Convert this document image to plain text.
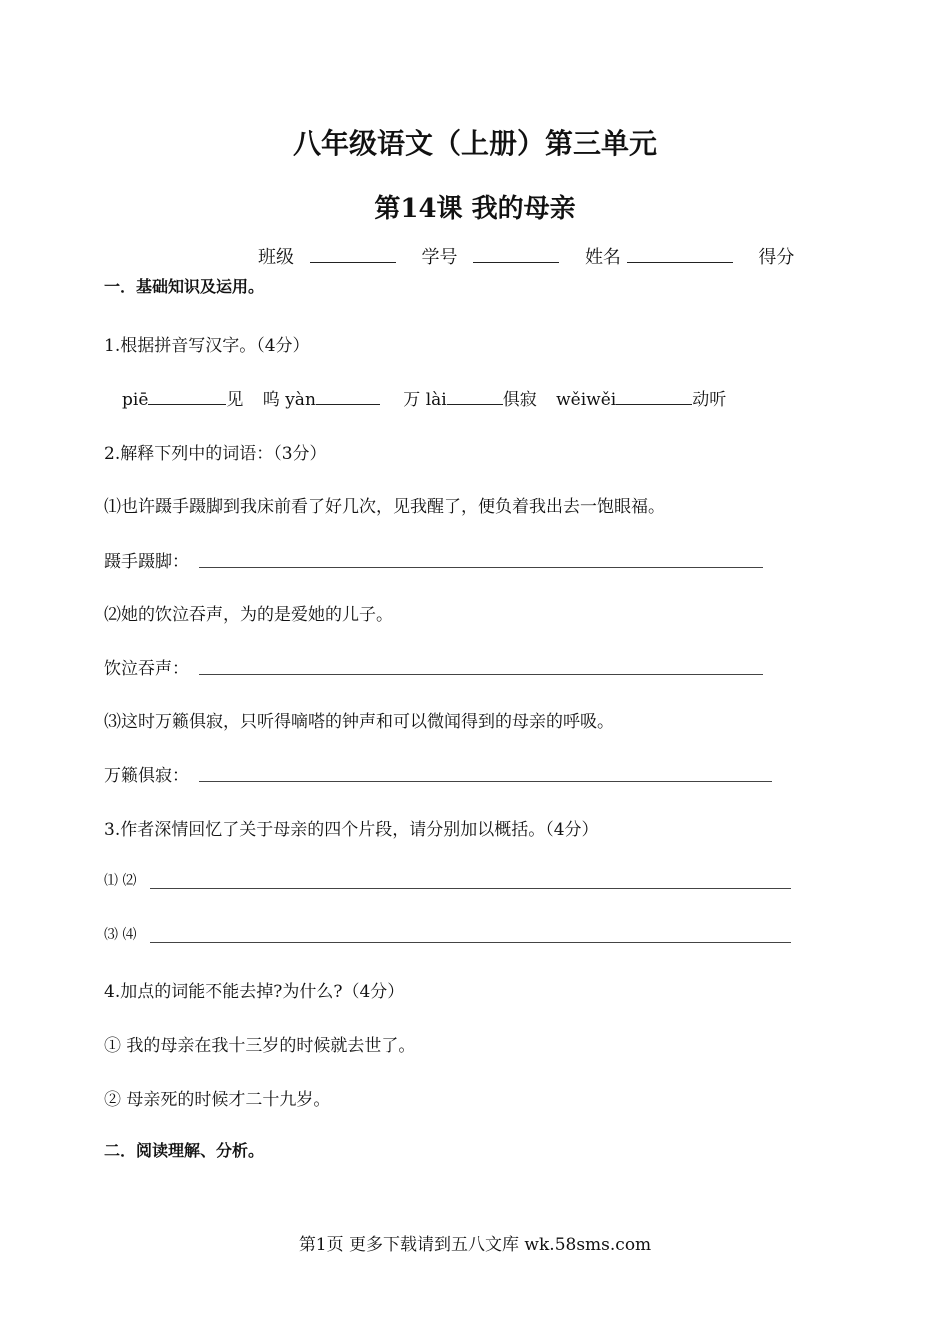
八年级语文（上册）第三单元
第14课 我的母亲
班级	学号	姓名	得分
一．基础知识及运用。
1.根据拼音写汉字。（4分）
piē	见 呜 yàn	万 lài	俱寂 wěiwěi	动听
2.解释下列中的词语：（3分）
⑴也许蹑手蹑脚到我床前看了好几次，见我醒了，便负着我出去一饱眼福。
蹑手蹑脚：
⑵她的饮泣吞声，为的是爱她的儿子。
饮泣吞声：
⑶这时万籁俱寂，只听得嘀嗒的钟声和可以微闻得到的母亲的呼吸。
万籁俱寂：
3.作者深情回忆了关于母亲的四个片段，请分别加以概括。（4分）
⑴ ⑵
⑶ ⑷
4.加点的词能不能去掉?为什么?（4分）
① 我的母亲在我十三岁的时候就去世了。
② 母亲死的时候才二十九岁。
二．阅读理解、分析。
第1页 更多下载请到五八文库 wk.58sms.com
